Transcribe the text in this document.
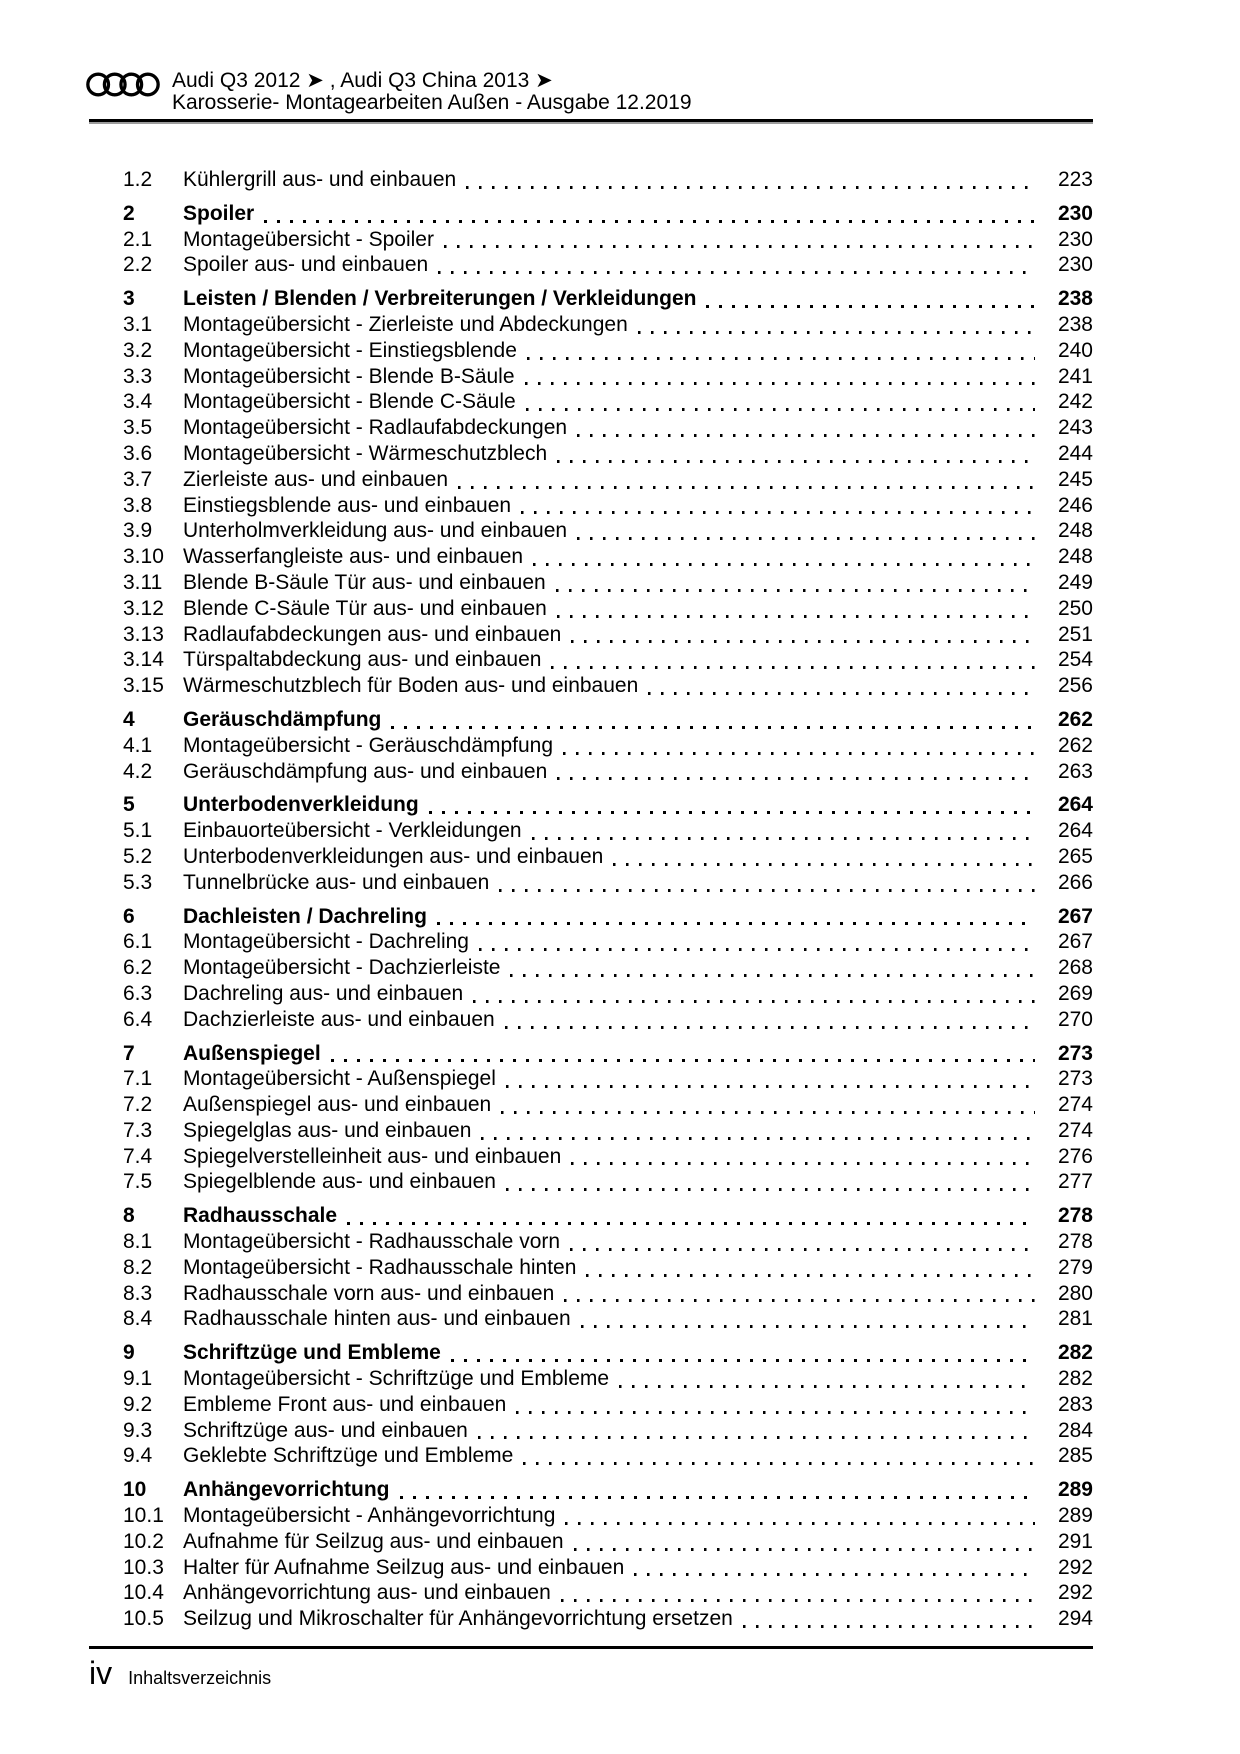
Audi Q3 2012 ➤ , Audi Q3 China 2013 ➤
Karosserie- Montagearbeiten Außen - Ausgabe 12.2019
1.2	Kühlergrill aus- und einbauen	223
2	Spoiler	230
2.1	Montageübersicht - Spoiler	230
2.2	Spoiler aus- und einbauen	230
3	Leisten / Blenden / Verbreiterungen / Verkleidungen	238
3.1	Montageübersicht - Zierleiste und Abdeckungen	238
3.2	Montageübersicht - Einstiegsblende	240
3.3	Montageübersicht - Blende B-Säule	241
3.4	Montageübersicht - Blende C-Säule	242
3.5	Montageübersicht - Radlaufabdeckungen	243
3.6	Montageübersicht - Wärmeschutzblech	244
3.7	Zierleiste aus- und einbauen	245
3.8	Einstiegsblende aus- und einbauen	246
3.9	Unterholmverkleidung aus- und einbauen	248
3.10 Wasserfangleiste aus- und einbauen	248
3.11 Blende B-Säule Tür aus- und einbauen	249
3.12 Blende C-Säule Tür aus- und einbauen	250
3.13 Radlaufabdeckungen aus- und einbauen	251
3.14 Türspaltabdeckung aus- und einbauen	254
3.15 Wärmeschutzblech für Boden aus- und einbauen	256
4	Geräuschdämpfung	262
4.1	Montageübersicht - Geräuschdämpfung	262
4.2	Geräuschdämpfung aus- und einbauen	263
5	Unterbodenverkleidung	264
5.1	Einbauorteübersicht - Verkleidungen	264
5.2	Unterbodenverkleidungen aus- und einbauen	265
5.3	Tunnelbrücke aus- und einbauen	266
6	Dachleisten / Dachreling	267
6.1	Montageübersicht - Dachreling	267
6.2	Montageübersicht - Dachzierleiste	268
6.3	Dachreling aus- und einbauen	269
6.4	Dachzierleiste aus- und einbauen	270
7	Außenspiegel	273
7.1	Montageübersicht - Außenspiegel	273
7.2	Außenspiegel aus- und einbauen	274
7.3	Spiegelglas aus- und einbauen	274
7.4	Spiegelverstelleinheit aus- und einbauen	276
7.5	Spiegelblende aus- und einbauen	277
8	Radhausschale	278
8.1	Montageübersicht - Radhausschale vorn	278
8.2	Montageübersicht - Radhausschale hinten	279
8.3	Radhausschale vorn aus- und einbauen	280
8.4	Radhausschale hinten aus- und einbauen	281
9	Schriftzüge und Embleme	282
9.1	Montageübersicht - Schriftzüge und Embleme	282
9.2	Embleme Front aus- und einbauen	283
9.3	Schriftzüge aus- und einbauen	284
9.4	Geklebte Schriftzüge und Embleme	285
10	Anhängevorrichtung	289
10.1 Montageübersicht - Anhängevorrichtung	289
10.2 Aufnahme für Seilzug aus- und einbauen	291
10.3 Halter für Aufnahme Seilzug aus- und einbauen	292
10.4 Anhängevorrichtung aus- und einbauen	292
10.5 Seilzug und Mikroschalter für Anhängevorrichtung ersetzen	294
iv Inhaltsverzeichnis
